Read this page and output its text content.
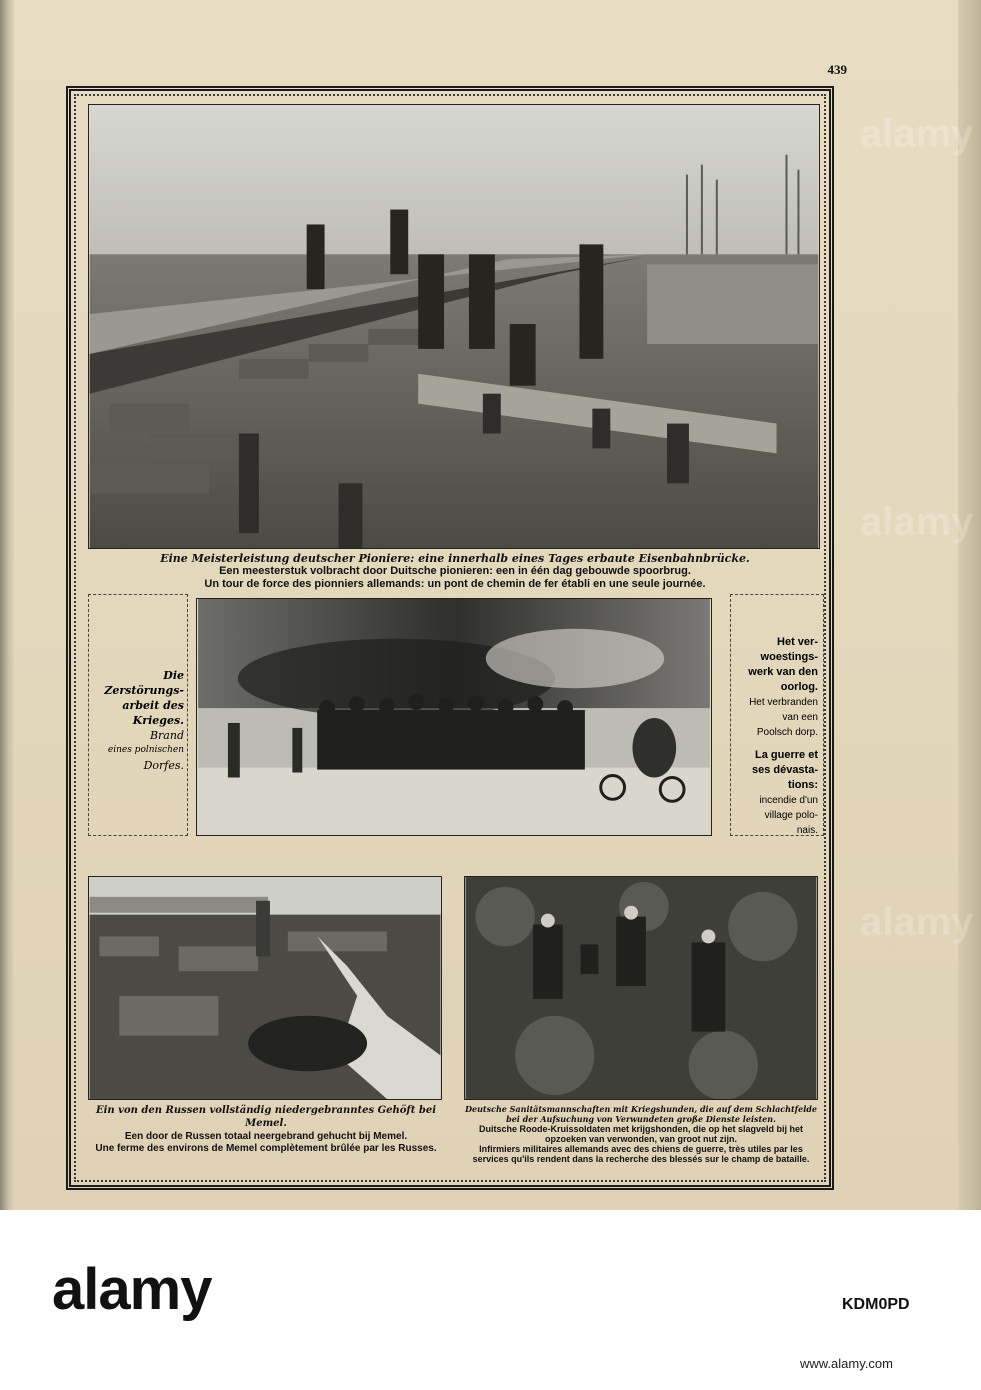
439
Eine Meisterleistung deutscher Pioniere: eine innerhalb eines Tages erbaute Eisenbahnbrücke.
Een meesterstuk volbracht door Duitsche pionieren: een in één dag gebouwde spoorbrug.
Un tour de force des pionniers allemands: un pont de chemin de fer établi en une seule journée.
Die
Zerstörungs-
arbeit des
Krieges.
Brand
eines polnischen
Dorfes.
Het ver-
woestings-
werk van den
oorlog.
Het verbranden
van een
Poolsch dorp.
La guerre et
ses dévasta-
tions:
incendie d'un
village polo-
nais.
Ein von den Russen vollständig niedergebranntes Gehöft bei Memel.
Een door de Russen totaal neergebrand gehucht bij Memel.
Une ferme des environs de Memel complètement brûlée par les Russes.
Deutsche Sanitätsmannschaften mit Kriegshunden, die auf dem Schlachtfelde bei der Aufsuchung von Verwundeten große Dienste leisten.
Duitsche Roode-Kruissoldaten met krijgshonden, die op het slagveld bij het opzoeken van verwonden, van groot nut zijn.
Infirmiers militaires allemands avec des chiens de guerre, très utiles par les services qu'ils rendent dans la recherche des blessés sur le champ de bataille.
alamy
alamy
alamy
alamy	KDM0PD
www.alamy.com
